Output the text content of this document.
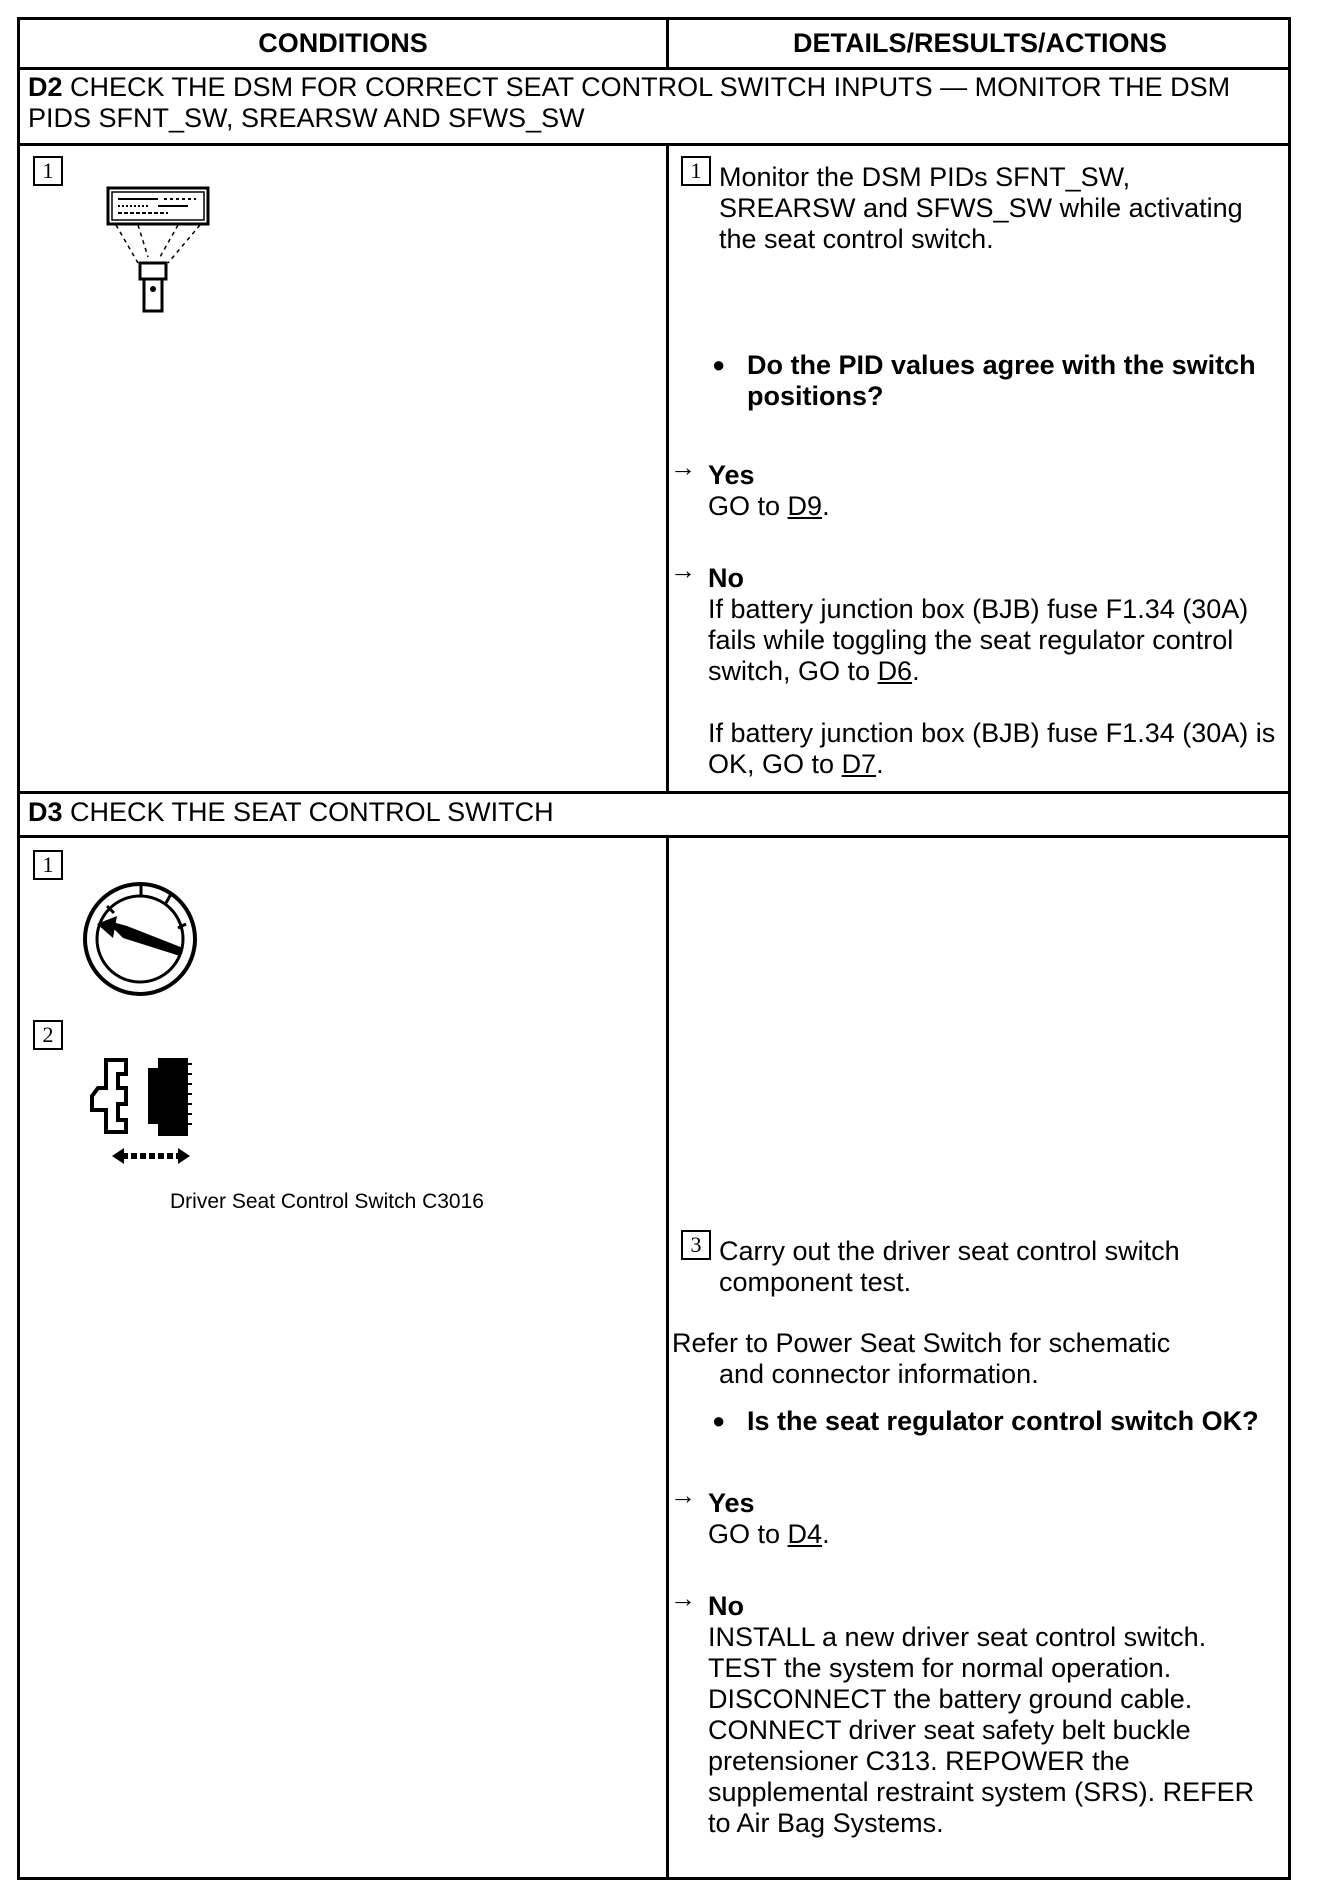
CONDITIONS	DETAILS/RESULTS/ACTIONS
D2 CHECK THE DSM FOR CORRECT SEAT CONTROL SWITCH INPUTS — MONITOR THE DSM
PIDS SFNT_SW, SREARSW AND SFWS_SW
1	1 Monitor the DSM PIDs SFNT_SW,
SREARSW and SFWS_SW while activating
the seat control switch.
● Do the PID values agree with the switch
positions?
→ Yes
GO to D9.
→ No
If battery junction box (BJB) fuse F1.34 (30A)
fails while toggling the seat regulator control
switch, GO to D6.
If battery junction box (BJB) fuse F1.34 (30A) is
OK, GO to D7.
D3 CHECK THE SEAT CONTROL SWITCH
1
2
Driver Seat Control Switch C3016
3 Carry out the driver seat control switch
component test.
Refer to Power Seat Switch for schematic
and connector information.
● Is the seat regulator control switch OK?
→ Yes
GO to D4.
→ No
INSTALL a new driver seat control switch.
TEST the system for normal operation.
DISCONNECT the battery ground cable.
CONNECT driver seat safety belt buckle
pretensioner C313. REPOWER the
supplemental restraint system (SRS). REFER
to Air Bag Systems.
